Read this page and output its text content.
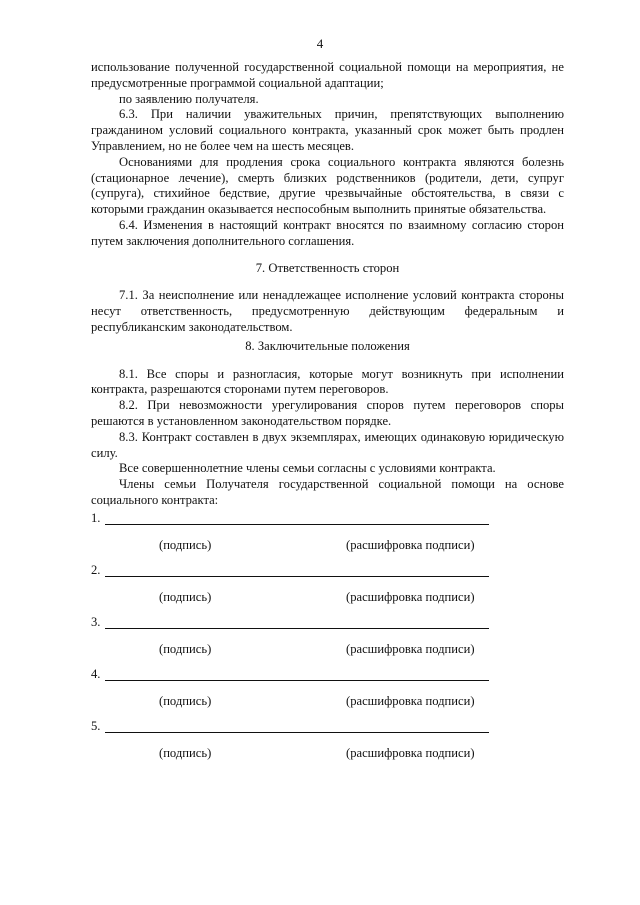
4

использование полученной государственной социальной помощи на мероприятия, не предусмотренные программой социальной адаптации;

по заявлению получателя.

6.3. При наличии уважительных причин, препятствующих выполнению гражданином условий социального контракта, указанный срок может быть продлен Управлением, но не более чем на шесть месяцев.

Основаниями для продления срока социального контракта являются болезнь (стационарное лечение), смерть близких родственников (родители, дети, супруг (супруга), стихийное бедствие, другие чрезвычайные обстоятельства, в связи с которыми гражданин оказывается неспособным выполнить принятые обязательства.

6.4. Изменения в настоящий контракт вносятся по взаимному согласию сторон путем заключения дополнительного соглашения.

7. Ответственность сторон

7.1. За неисполнение или ненадлежащее исполнение условий контракта стороны несут ответственность, предусмотренную действующим федеральным и республиканским законодательством.

8. Заключительные положения

8.1. Все споры и разногласия, которые могут возникнуть при исполнении контракта, разрешаются сторонами путем переговоров.

8.2. При невозможности урегулирования споров путем переговоров споры решаются в установленном законодательством порядке.

8.3. Контракт составлен в двух экземплярах, имеющих одинаковую юридическую силу.

Все совершеннолетние члены семьи согласны с условиями контракта.

Члены семьи Получателя государственной социальной помощи на основе социального контракта:

1.
(подпись)	(расшифровка подписи)
2.
(подпись)	(расшифровка подписи)
3.
(подпись)	(расшифровка подписи)
4.
(подпись)	(расшифровка подписи)
5.
(подпись)	(расшифровка подписи)
